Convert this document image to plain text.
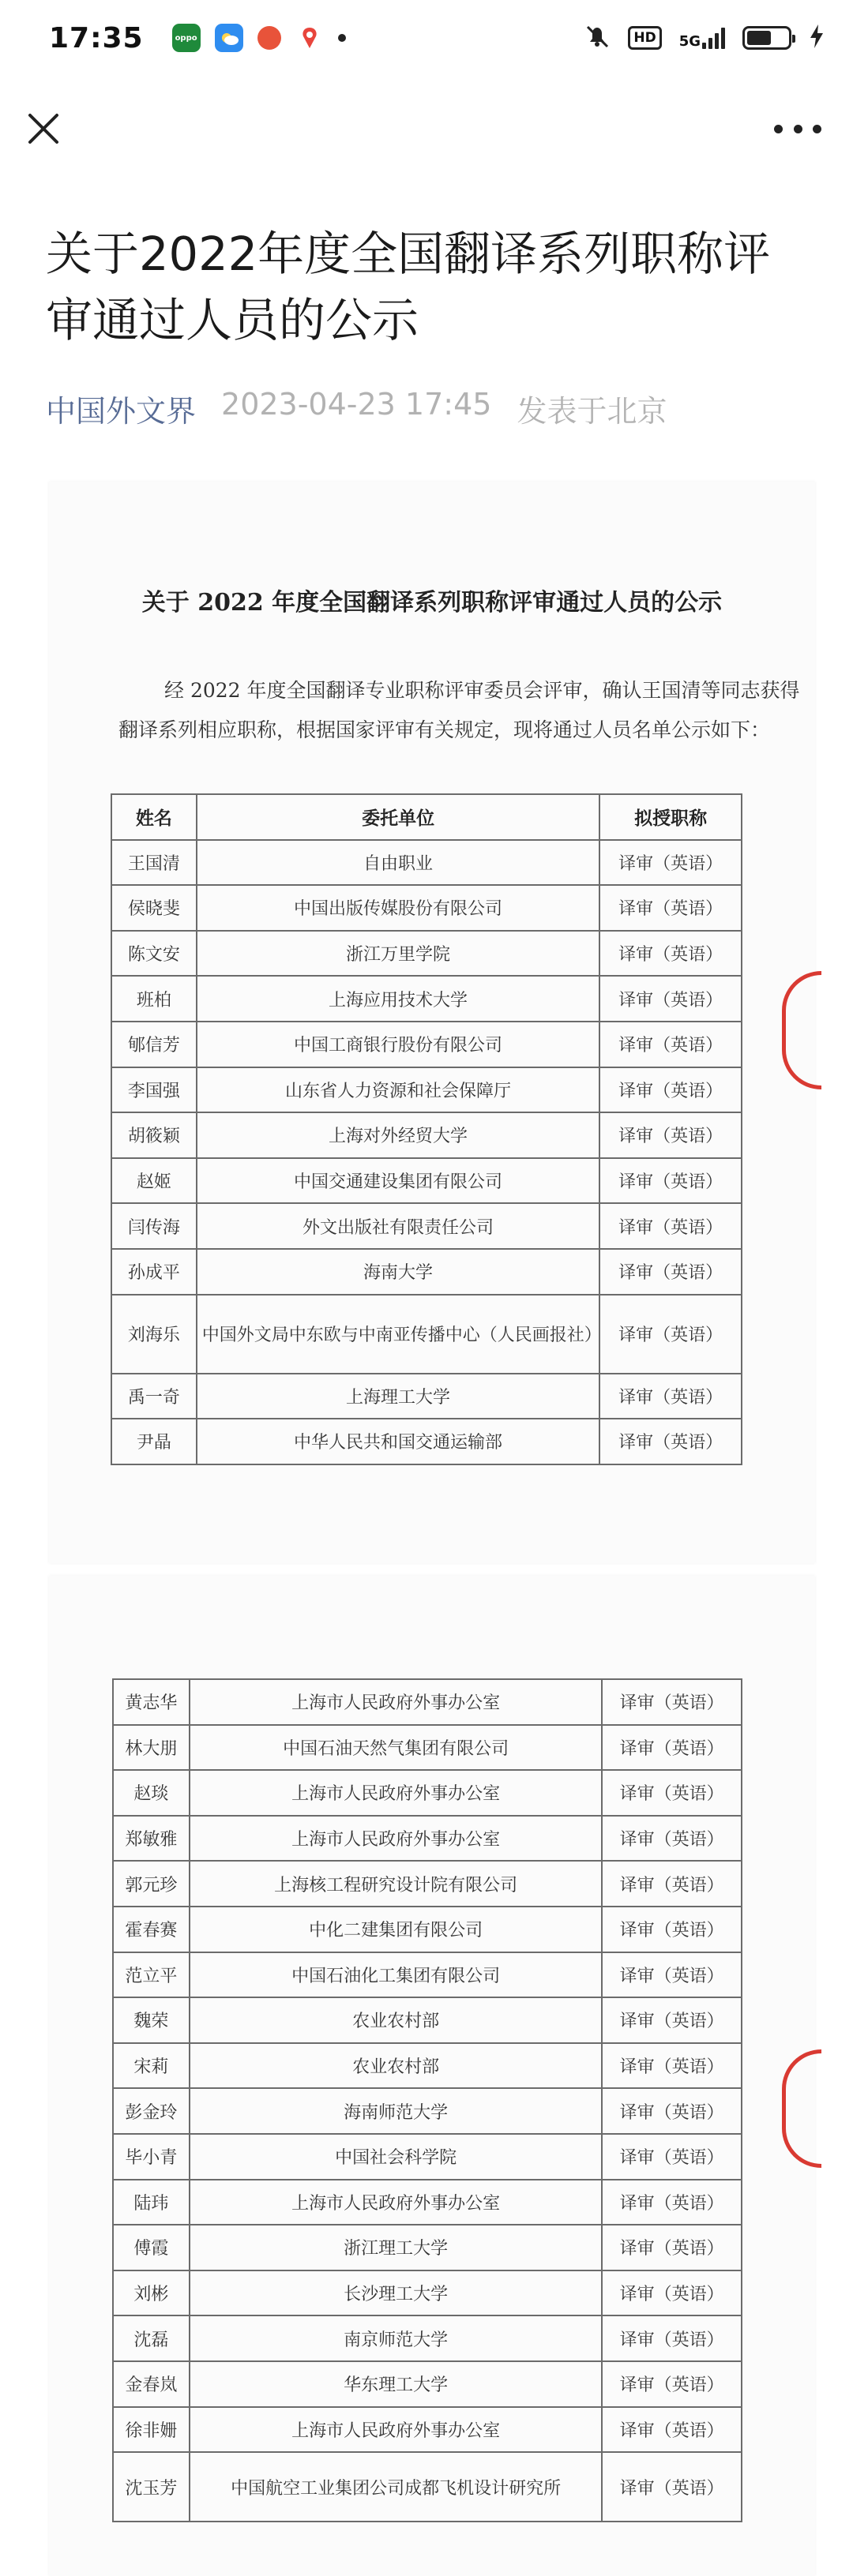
17:35	oppo	HD	5G
关于2022年度全国翻译系列职称评审通过人员的公示
中国外文界 2023-04-23 17:45 发表于北京
关于 2022 年度全国翻译系列职称评审通过人员的公示

经 2022 年度全国翻译专业职称评审委员会评审，确认王国清等同志获得翻译系列相应职称，根据国家评审有关规定，现将通过人员名单公示如下：

姓名	委托单位	拟授职称
王国清	自由职业	译审（英语）
侯晓斐	中国出版传媒股份有限公司	译审（英语）
陈文安	浙江万里学院	译审（英语）
班柏	上海应用技术大学	译审（英语）
郇信芳	中国工商银行股份有限公司	译审（英语）
李国强	山东省人力资源和社会保障厅	译审（英语）
胡筱颖	上海对外经贸大学	译审（英语）
赵姬	中国交通建设集团有限公司	译审（英语）
闫传海	外文出版社有限责任公司	译审（英语）
孙成平	海南大学	译审（英语）
刘海乐	中国外文局中东欧与中南亚传播中心（人民画报社）	译审（英语）
禹一奇	上海理工大学	译审（英语）
尹晶	中华人民共和国交通运输部	译审（英语）
黄志华	上海市人民政府外事办公室	译审（英语）
林大朋	中国石油天然气集团有限公司	译审（英语）
赵琰	上海市人民政府外事办公室	译审（英语）
郑敏雅	上海市人民政府外事办公室	译审（英语）
郭元珍	上海核工程研究设计院有限公司	译审（英语）
霍春赛	中化二建集团有限公司	译审（英语）
范立平	中国石油化工集团有限公司	译审（英语）
魏荣	农业农村部	译审（英语）
宋莉	农业农村部	译审（英语）
彭金玲	海南师范大学	译审（英语）
毕小青	中国社会科学院	译审（英语）
陆玮	上海市人民政府外事办公室	译审（英语）
傅霞	浙江理工大学	译审（英语）
刘彬	长沙理工大学	译审（英语）
沈磊	南京师范大学	译审（英语）
金春岚	华东理工大学	译审（英语）
徐非姗	上海市人民政府外事办公室	译审（英语）
沈玉芳	中国航空工业集团公司成都飞机设计研究所	译审（英语）
